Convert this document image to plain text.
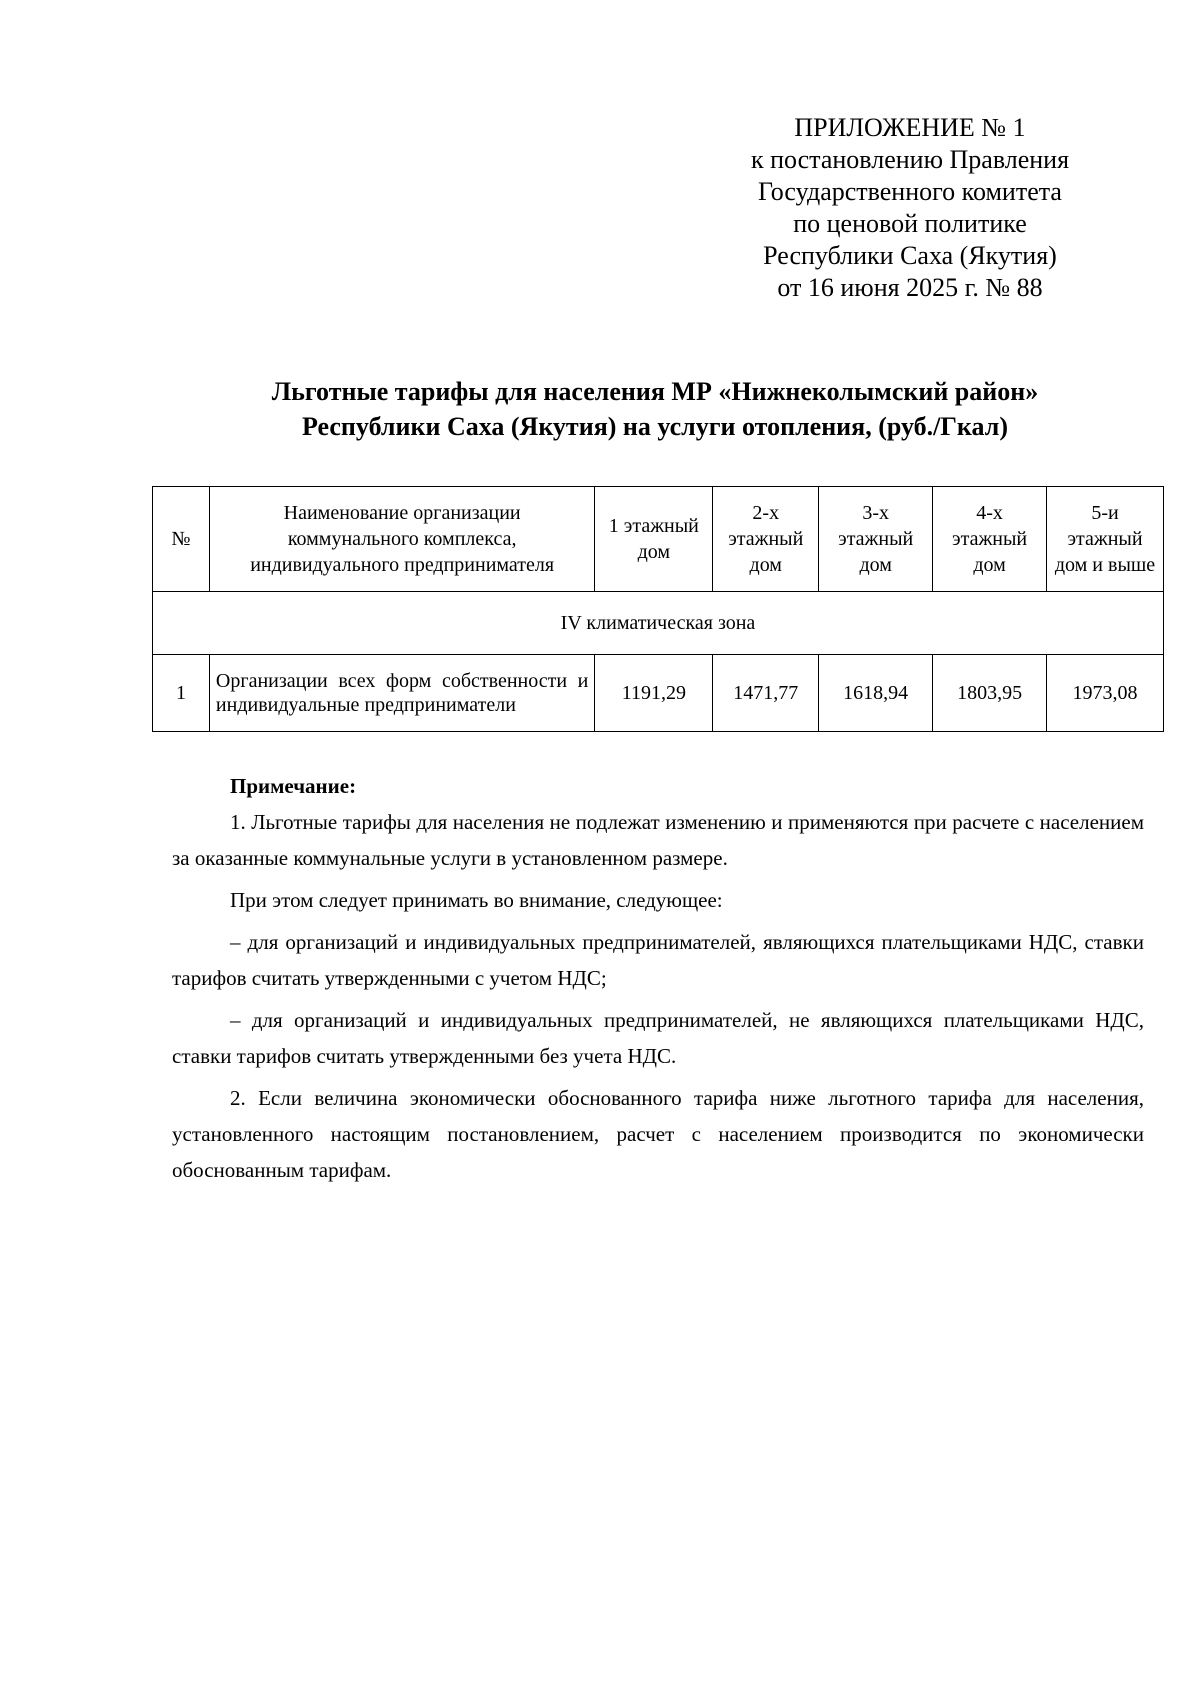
ПРИЛОЖЕНИЕ № 1
к постановлению Правления
Государственного комитета
по ценовой политике
Республики Саха (Якутия)
от 16 июня 2025 г. № 88
Льготные тарифы для населения МР «Нижнеколымский район»
Республики Саха (Якутия) на услуги отопления, (руб./Гкал)
№	Наименование организации коммунального комплекса, индивидуального предпринимателя	1 этажный дом	2-х этажный дом	3-х этажный дом	4-х этажный дом	5-и этажный дом и выше
IV климатическая зона						
1	Организации всех форм собственности и индивидуальные предприниматели	1191,29	1471,77	1618,94	1803,95	1973,08
Примечание:

1. Льготные тарифы для населения не подлежат изменению и применяются при расчете с населением за оказанные коммунальные услуги в установленном размере.

При этом следует принимать во внимание, следующее:

– для организаций и индивидуальных предпринимателей, являющихся плательщиками НДС, ставки тарифов считать утвержденными с учетом НДС;

– для организаций и индивидуальных предпринимателей, не являющихся плательщиками НДС, ставки тарифов считать утвержденными без учета НДС.

2. Если величина экономически обоснованного тарифа ниже льготного тарифа для населения, установленного настоящим постановлением, расчет с населением производится по экономически обоснованным тарифам.
